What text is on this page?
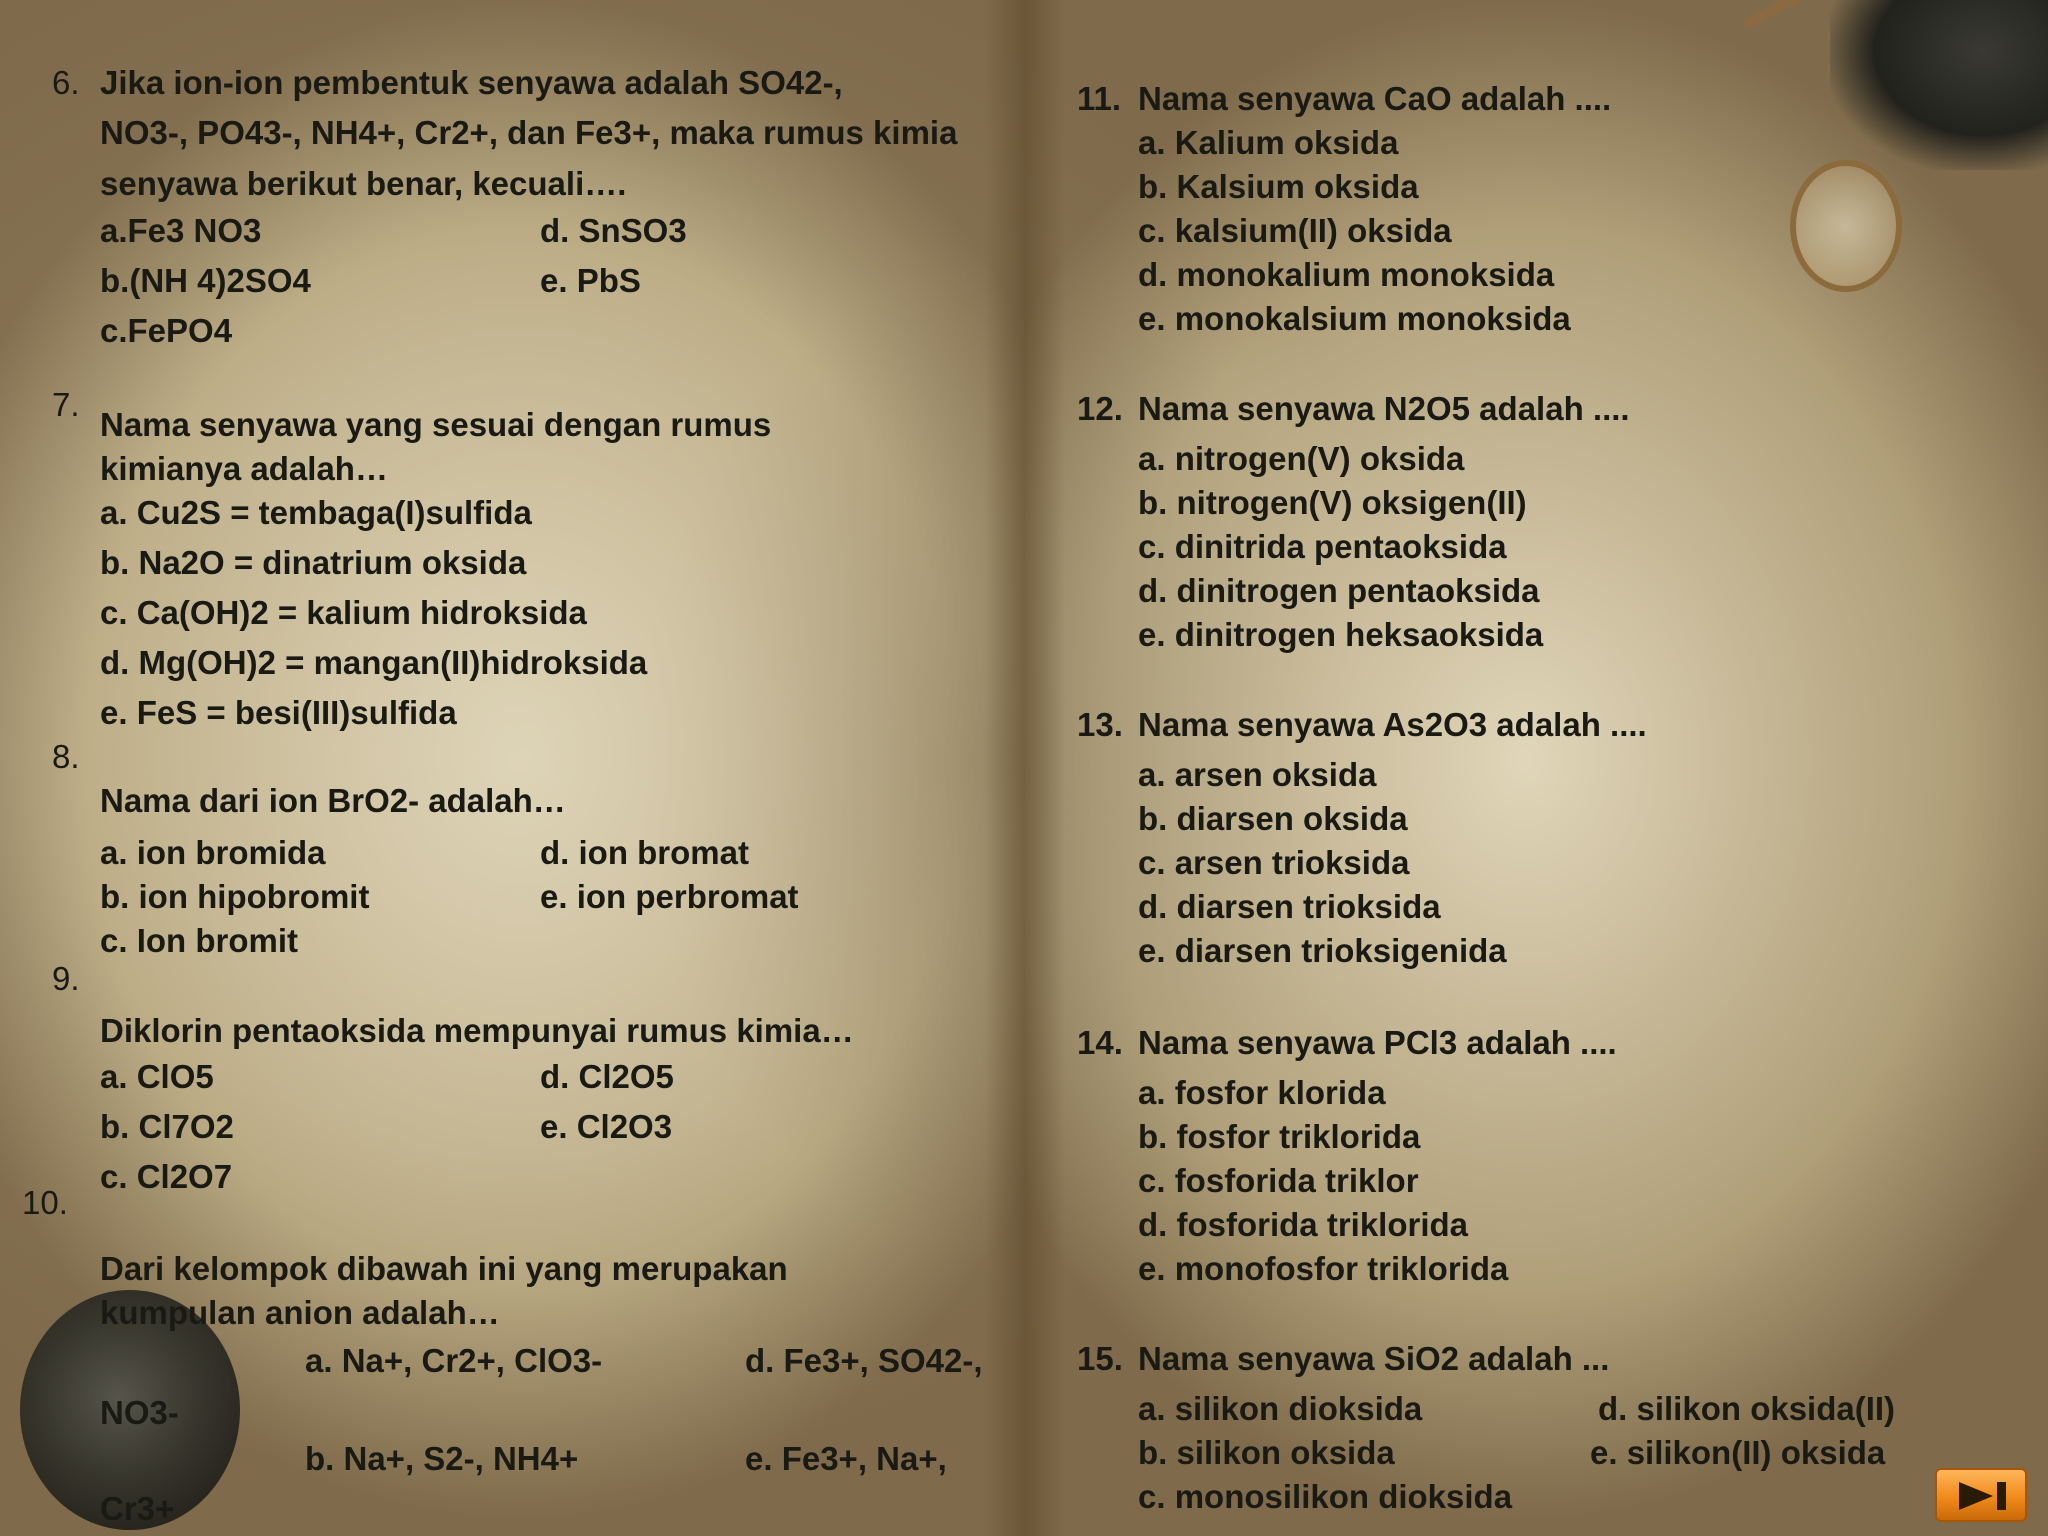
6. Jika ion-ion pembentuk senyawa adalah SO42-,
NO3-, PO43-, NH4+, Cr2+, dan Fe3+, maka rumus kimia
senyawa berikut benar, kecuali….
a.Fe3 NO3	d. SnSO3
b.(NH 4)2SO4	e. PbS
c.FePO4
7.
Nama senyawa yang sesuai dengan rumus
kimianya adalah…
a. Cu2S = tembaga(I)sulfida
b. Na2O = dinatrium oksida
c. Ca(OH)2 = kalium hidroksida
d. Mg(OH)2 = mangan(II)hidroksida
e. FeS = besi(III)sulfida
8.
Nama dari ion BrO2- adalah…
a. ion bromida	d. ion bromat
b. ion hipobromit	e. ion perbromat
c. Ion bromit
9.
Diklorin pentaoksida mempunyai rumus kimia…
a. ClO5	d. Cl2O5
b. Cl7O2	e. Cl2O3
c. Cl2O7
10.
Dari kelompok dibawah ini yang merupakan
kumpulan anion adalah…
a. Na+, Cr2+, ClO3-	d. Fe3+, SO42-,
NO3-
b. Na+, S2-, NH4+	e. Fe3+, Na+,
Cr3+
11. Nama senyawa CaO adalah ....
a. Kalium oksida
b. Kalsium oksida
c. kalsium(II) oksida
d. monokalium monoksida
e. monokalsium monoksida
12. Nama senyawa N2O5 adalah ....
a. nitrogen(V) oksida
b. nitrogen(V) oksigen(II)
c. dinitrida pentaoksida
d. dinitrogen pentaoksida
e. dinitrogen heksaoksida
13. Nama senyawa As2O3 adalah ....
a. arsen oksida
b. diarsen oksida
c. arsen trioksida
d. diarsen trioksida
e. diarsen trioksigenida
14. Nama senyawa PCl3 adalah ....
a. fosfor klorida
b. fosfor triklorida
c. fosforida triklor
d. fosforida triklorida
e. monofosfor triklorida
15. Nama senyawa SiO2 adalah ...
a. silikon dioksida	d. silikon oksida(II)
b. silikon oksida	e. silikon(II) oksida
c. monosilikon dioksida
